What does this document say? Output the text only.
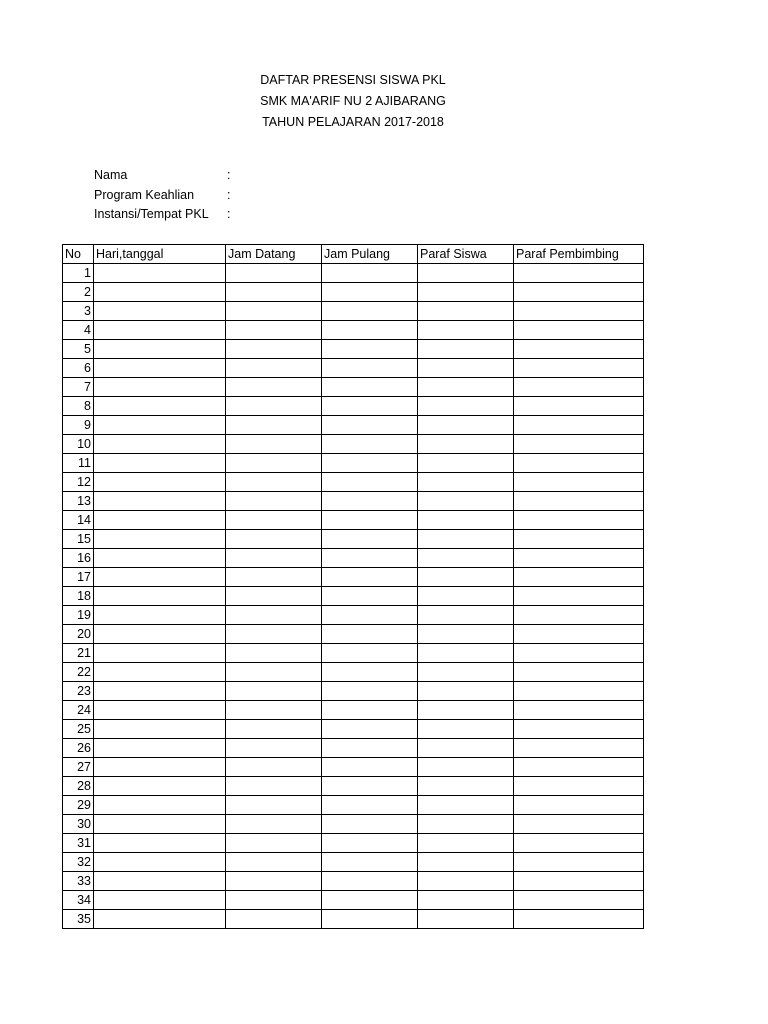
DAFTAR PRESENSI SISWA PKL
SMK MA'ARIF NU 2 AJIBARANG
TAHUN PELAJARAN 2017-2018
Nama	:
Program Keahlian	:
Instansi/Tempat PKL :
No	Hari,tanggal	Jam Datang	Jam Pulang	Paraf Siswa	Paraf Pembimbing
1					
2					
3					
4					
5					
6					
7					
8					
9					
10					
11					
12					
13					
14					
15					
16					
17					
18					
19					
20					
21					
22					
23					
24					
25					
26					
27					
28					
29					
30					
31					
32					
33					
34					
35					
